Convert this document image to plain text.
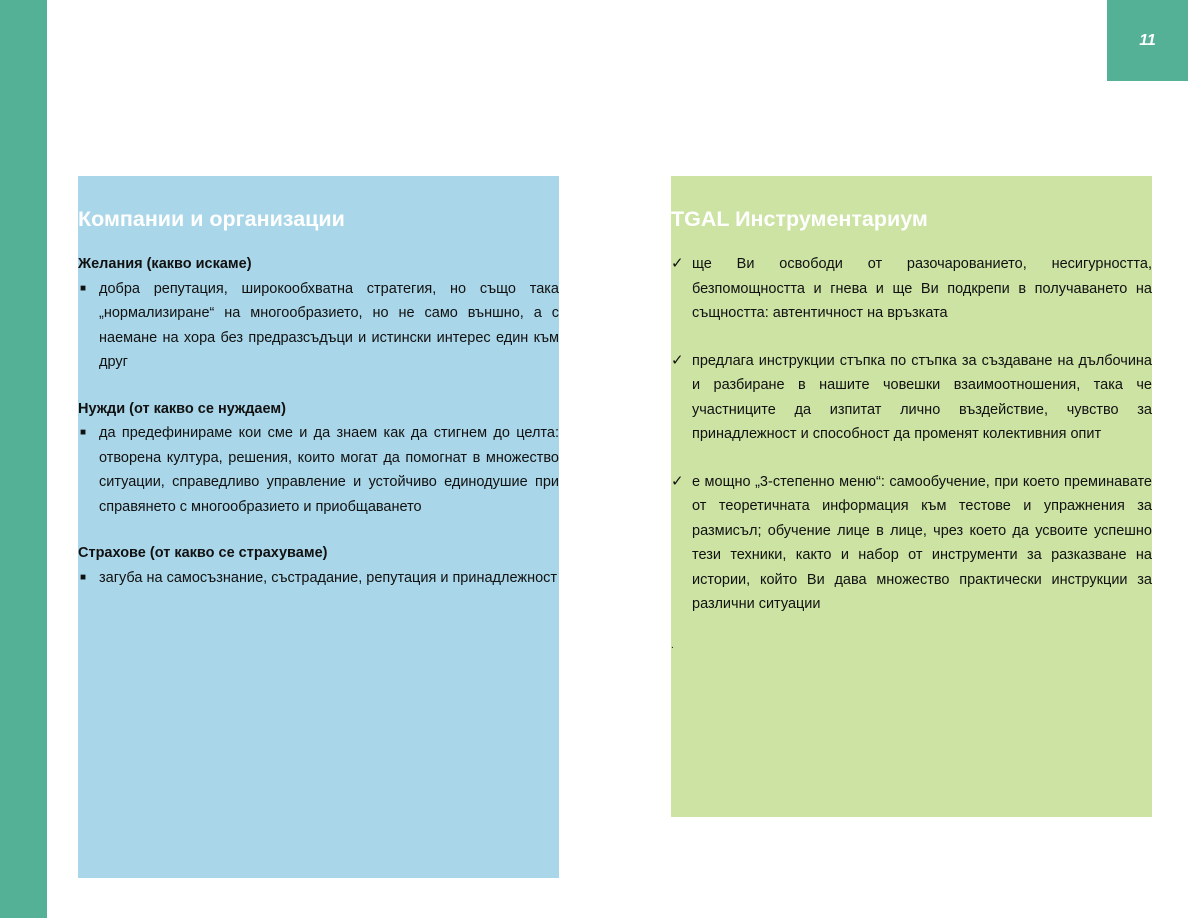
11
Компании и организации
Желания (какво искаме)
■ добра репутация, широкообхватна стратегия, но също така „нормализиране“ на многообразието, но не само външно, а с наемане на хора без предразсъдъци и истински интерес един към друг
Нужди (от какво се нуждаем)
■ да предефинираме кои сме и да знаем как да стигнем до целта: отворена култура, решения, които могат да помогнат в множество ситуации, справедливо управление и устойчиво единодушие при справянето с многообразието и приобщаването
Страхове (от какво се страхуваме)
■ загуба на самосъзнание, състрадание, репутация и принадлежност
TGAL Инструментариум
✓ ще Ви освободи от разочарованието, несигурността, безпомощността и гнева и ще Ви подкрепи в получаването на същността: автентичност на връзката
✓ предлага инструкции стъпка по стъпка за създаване на дълбочина и разбиране в нашите човешки взаимоотношения, така че участниците да изпитат лично въздействие, чувство за принадлежност и способност да променят колективния опит
✓ е мощно „3-степенно меню“: самообучение, при което преминавате от теоретичната информация към тестове и упражнения за размисъл; обучение лице в лице, чрез което да усвоите успешно тези техники, както и набор от инструменти за разказване на истории, който Ви дава множество практически инструкции за различни ситуации
.
